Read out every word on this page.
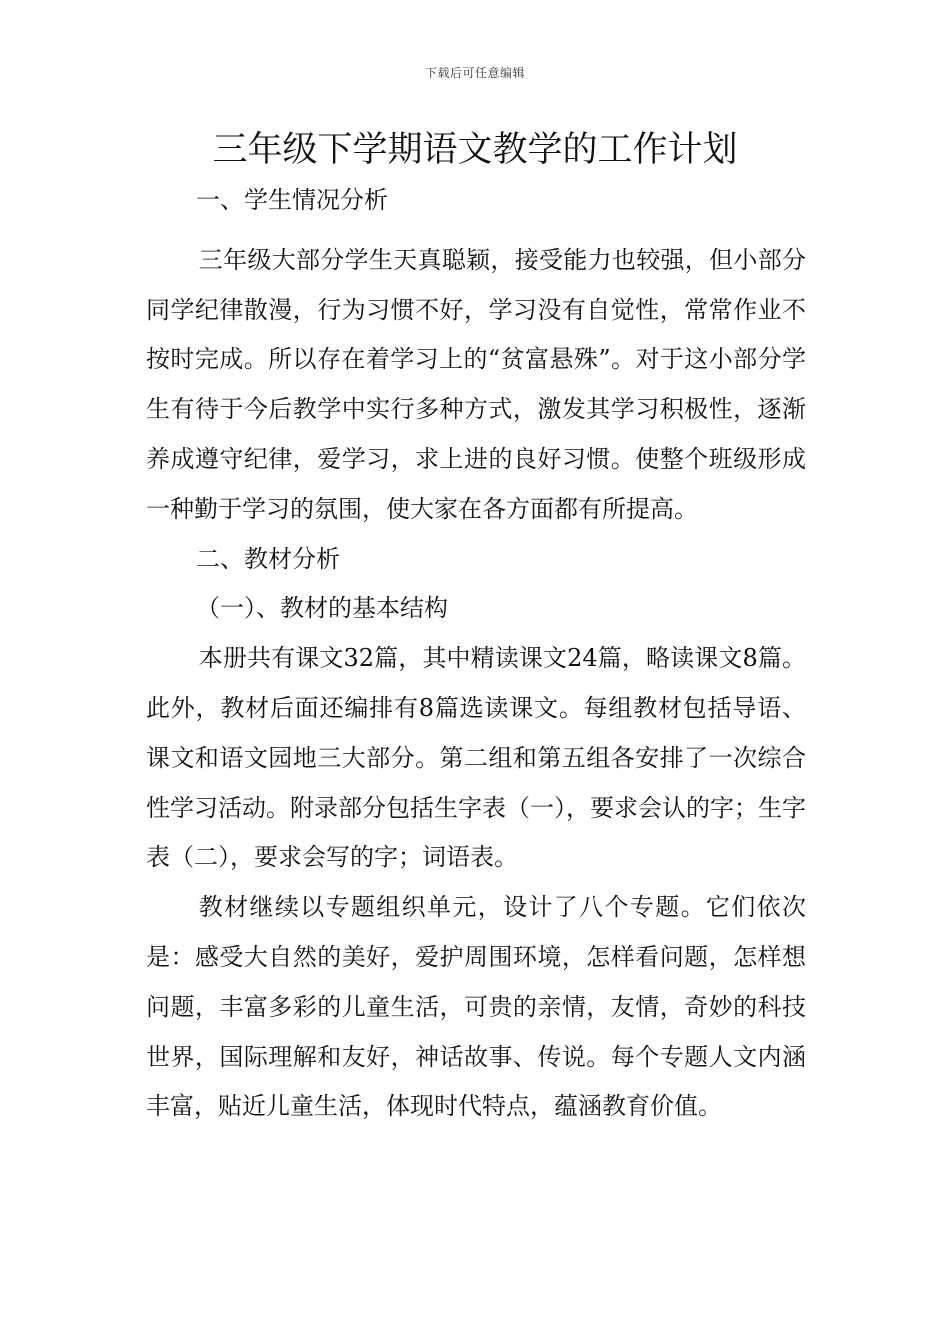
下载后可任意编辑
三年级下学期语文教学的工作计划

一、学生情况分析

三年级大部分学生天真聪颖，接受能力也较强，但小部分同学纪律散漫，行为习惯不好，学习没有自觉性，常常作业不按时完成。所以存在着学习上的“贫富悬殊”。对于这小部分学生有待于今后教学中实行多种方式，激发其学习积极性，逐渐养成遵守纪律，爱学习，求上进的良好习惯。使整个班级形成一种勤于学习的氛围，使大家在各方面都有所提高。

二、教材分析

（一）、教材的基本结构

本册共有课文32篇，其中精读课文24篇，略读课文8篇。此外，教材后面还编排有8篇选读课文。每组教材包括导语、课文和语文园地三大部分。第二组和第五组各安排了一次综合性学习活动。附录部分包括生字表（一），要求会认的字；生字表（二），要求会写的字；词语表。

教材继续以专题组织单元，设计了八个专题。它们依次是：感受大自然的美好，爱护周围环境，怎样看问题，怎样想问题，丰富多彩的儿童生活，可贵的亲情，友情，奇妙的科技世界，国际理解和友好，神话故事、传说。每个专题人文内涵丰富，贴近儿童生活，体现时代特点，蕴涵教育价值。
